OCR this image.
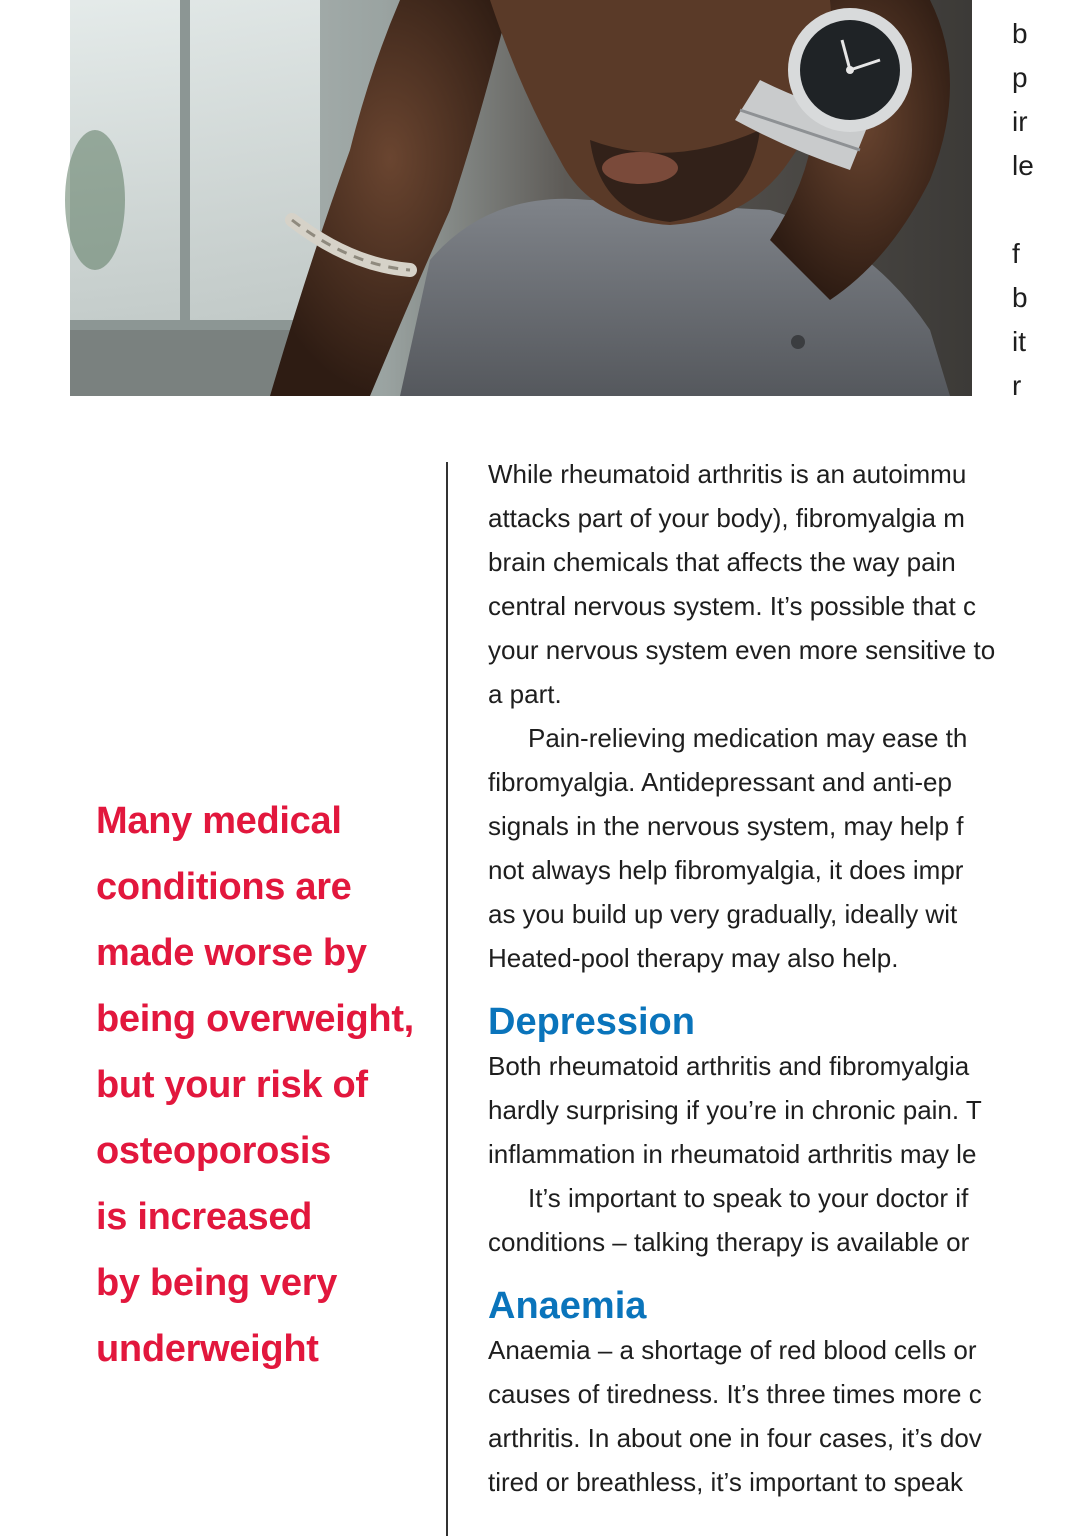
b
p
ir
le
f
b
it
r

Many medical
conditions are
made worse by
being overweight,
but your risk of
osteoporosis
is increased
by being very
underweight

While rheumatoid arthritis is an autoimmu
attacks part of your body), fibromyalgia m
brain chemicals that affects the way pain
central nervous system. It’s possible that c
your nervous system even more sensitive to
a part.
Pain-relieving medication may ease th
fibromyalgia. Antidepressant and anti-ep
signals in the nervous system, may help f
not always help fibromyalgia, it does impr
as you build up very gradually, ideally wit
Heated-pool therapy may also help.
Depression
Both rheumatoid arthritis and fibromyalgia
hardly surprising if you’re in chronic pain. T
inflammation in rheumatoid arthritis may le
It’s important to speak to your doctor if
conditions – talking therapy is available or
Anaemia
Anaemia – a shortage of red blood cells or
causes of tiredness. It’s three times more c
arthritis. In about one in four cases, it’s dov
tired or breathless, it’s important to speak
